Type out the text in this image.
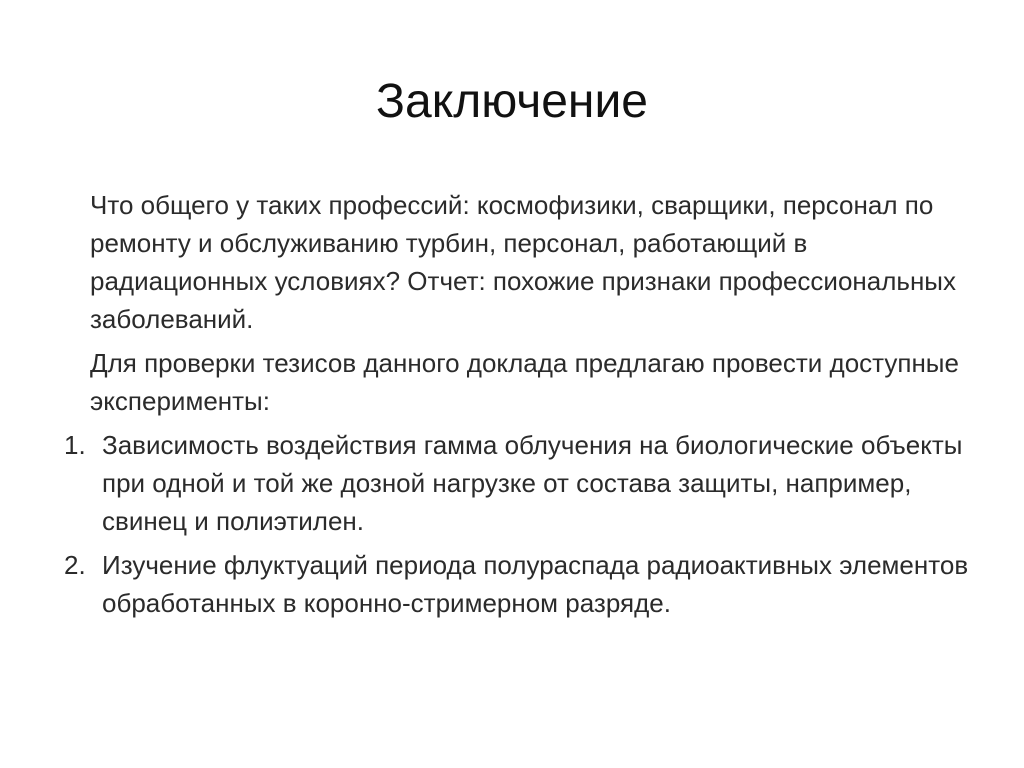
Заключение

Что общего у таких профессий: космофизики, сварщики, персонал по ремонту и обслуживанию турбин, персонал, работающий в радиационных условиях? Отчет: похожие признаки профессиональных заболеваний.

Для проверки тезисов данного доклада предлагаю провести доступные эксперименты:

1. Зависимость воздействия гамма облучения на биологические объекты при одной и той же дозной нагрузке от состава защиты, например, свинец и полиэтилен.
2. Изучение флуктуаций периода полураспада радиоактивных элементов обработанных в коронно-стримерном разряде.
